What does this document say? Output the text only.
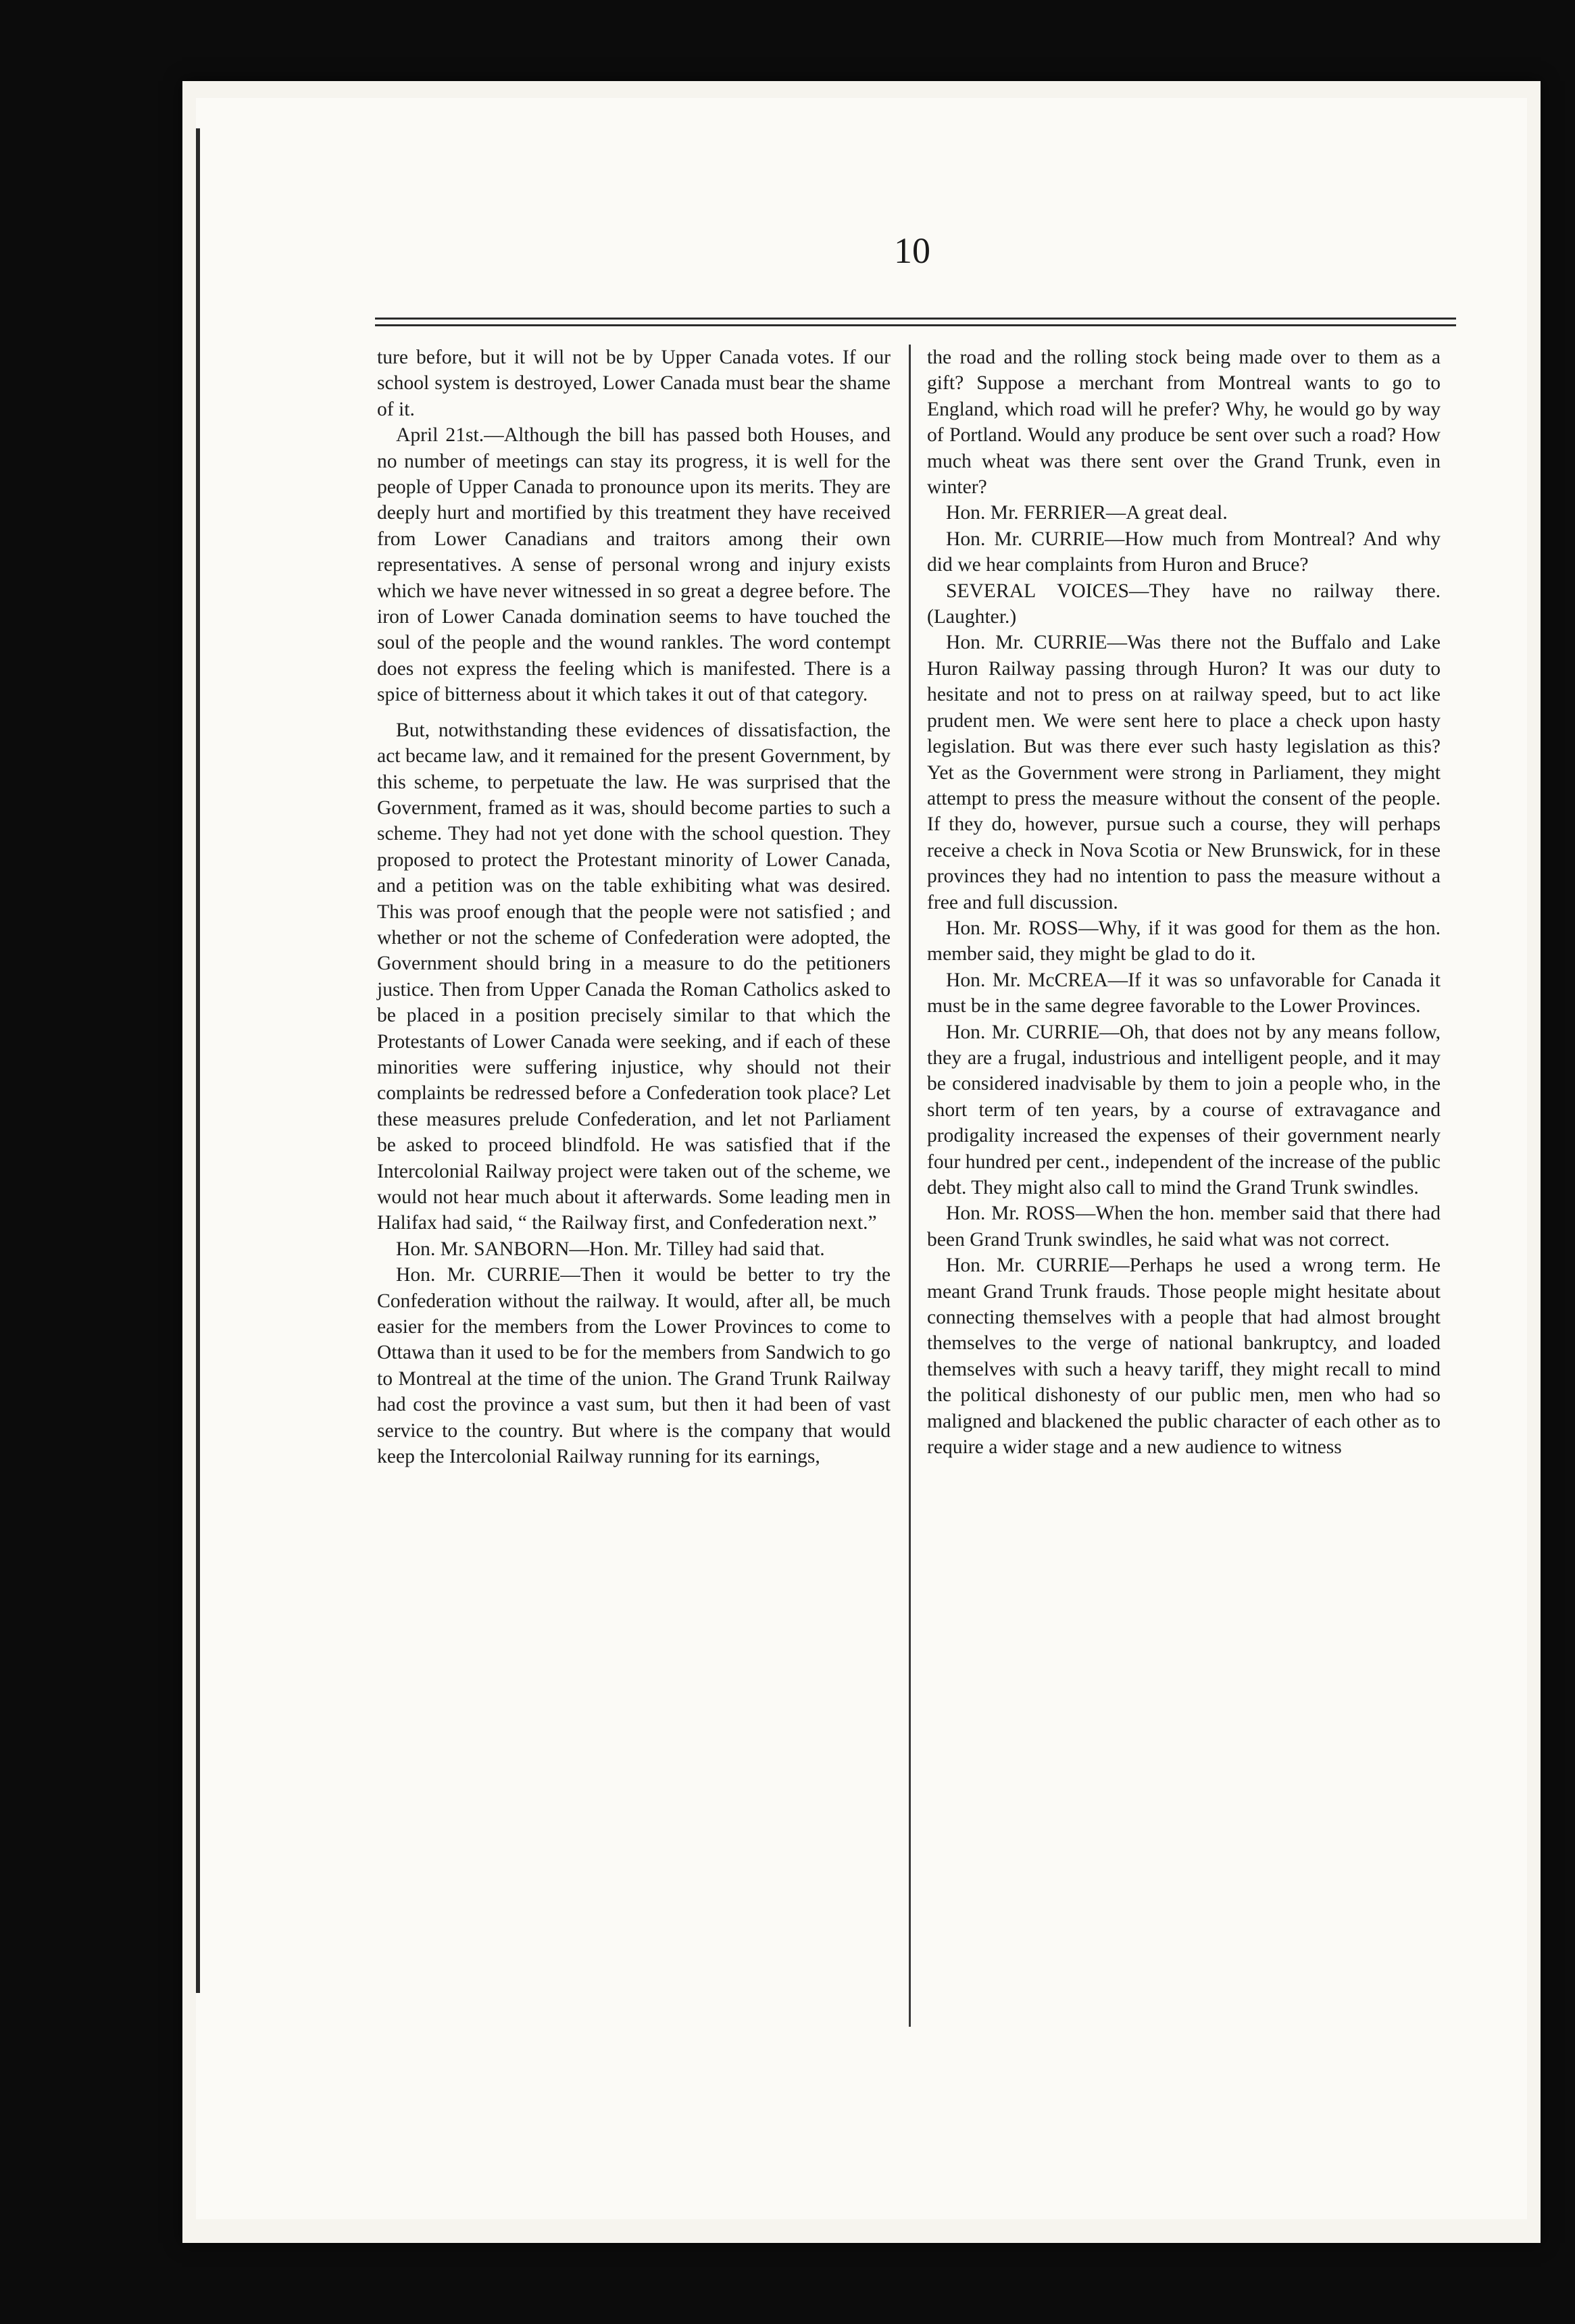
10

ture before, but it will not be by Upper Canada votes. If our school system is destroyed, Lower Canada must bear the shame of it.

April 21st.—Although the bill has passed both Houses, and no number of meetings can stay its progress, it is well for the people of Upper Canada to pronounce upon its merits. They are deeply hurt and mortified by this treatment they have received from Lower Canadians and traitors among their own representatives. A sense of personal wrong and injury exists which we have never witnessed in so great a degree before. The iron of Lower Canada domination seems to have touched the soul of the people and the wound rankles. The word contempt does not express the feeling which is manifested. There is a spice of bitterness about it which takes it out of that category.

But, notwithstanding these evidences of dissatisfaction, the act became law, and it remained for the present Government, by this scheme, to perpetuate the law. He was surprised that the Government, framed as it was, should become parties to such a scheme. They had not yet done with the school question. They proposed to protect the Protestant minority of Lower Canada, and a petition was on the table exhibiting what was desired. This was proof enough that the people were not satisfied ; and whether or not the scheme of Confederation were adopted, the Government should bring in a measure to do the petitioners justice. Then from Upper Canada the Roman Catholics asked to be placed in a position precisely similar to that which the Protestants of Lower Canada were seeking, and if each of these minorities were suffering injustice, why should not their complaints be redressed before a Confederation took place? Let these measures prelude Confederation, and let not Parliament be asked to proceed blindfold. He was satisfied that if the Intercolonial Railway project were taken out of the scheme, we would not hear much about it afterwards. Some leading men in Halifax had said, “ the Railway first, and Confederation next.”

Hon. Mr. SANBORN—Hon. Mr. Tilley had said that.

Hon. Mr. CURRIE—Then it would be better to try the Confederation without the railway. It would, after all, be much easier for the members from the Lower Provinces to come to Ottawa than it used to be for the members from Sandwich to go to Montreal at the time of the union. The Grand Trunk Railway had cost the province a vast sum, but then it had been of vast service to the country. But where is the company that would keep the Intercolonial Railway running for its earnings,

the road and the rolling stock being made over to them as a gift? Suppose a merchant from Montreal wants to go to England, which road will he prefer? Why, he would go by way of Portland. Would any produce be sent over such a road? How much wheat was there sent over the Grand Trunk, even in winter?

Hon. Mr. FERRIER—A great deal.

Hon. Mr. CURRIE—How much from Montreal? And why did we hear complaints from Huron and Bruce?

SEVERAL VOICES—They have no railway there. (Laughter.)

Hon. Mr. CURRIE—Was there not the Buffalo and Lake Huron Railway passing through Huron? It was our duty to hesitate and not to press on at railway speed, but to act like prudent men. We were sent here to place a check upon hasty legislation. But was there ever such hasty legislation as this? Yet as the Government were strong in Parliament, they might attempt to press the measure without the consent of the people. If they do, however, pursue such a course, they will perhaps receive a check in Nova Scotia or New Brunswick, for in these provinces they had no intention to pass the measure without a free and full discussion.

Hon. Mr. ROSS—Why, if it was good for them as the hon. member said, they might be glad to do it.

Hon. Mr. McCREA—If it was so unfavorable for Canada it must be in the same degree favorable to the Lower Provinces.

Hon. Mr. CURRIE—Oh, that does not by any means follow, they are a frugal, industrious and intelligent people, and it may be considered inadvisable by them to join a people who, in the short term of ten years, by a course of extravagance and prodigality increased the expenses of their government nearly four hundred per cent., independent of the increase of the public debt. They might also call to mind the Grand Trunk swindles.

Hon. Mr. ROSS—When the hon. member said that there had been Grand Trunk swindles, he said what was not correct.

Hon. Mr. CURRIE—Perhaps he used a wrong term. He meant Grand Trunk frauds. Those people might hesitate about connecting themselves with a people that had almost brought themselves to the verge of national bankruptcy, and loaded themselves with such a heavy tariff, they might recall to mind the political dishonesty of our public men, men who had so maligned and blackened the public character of each other as to require a wider stage and a new audience to witness
